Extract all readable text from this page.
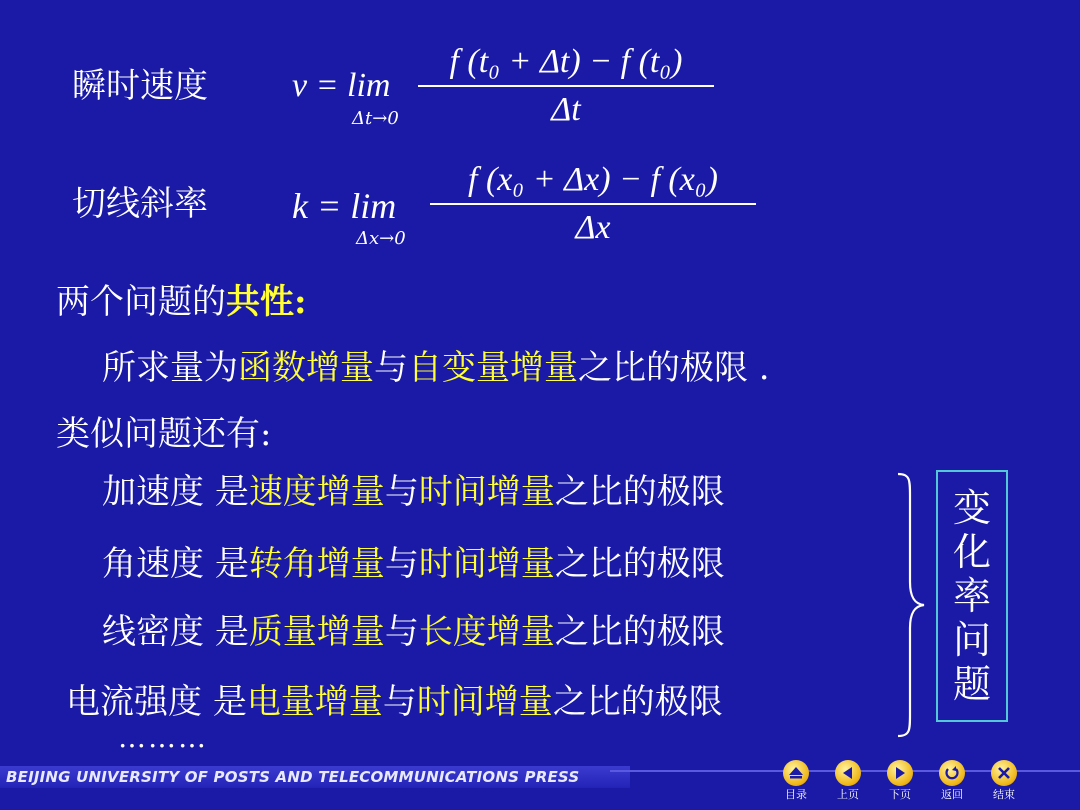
瞬时速度 v = lim
Δt→0
f (t₀ + Δt) − f (t₀)
Δt
切线斜率 k = lim
Δx→0
f (x₀ + Δx) − f (x₀)
Δx
两个问题的共性:
所求量为函数增量与自变量增量之比的极限 .
类似问题还有:
加速度 是速度增量与时间增量之比的极限
角速度 是转角增量与时间增量之比的极限
线密度 是质量增量与长度增量之比的极限
电流强度 是电量增量与时间增量之比的极限
………
变
化
率
问
题
BEIJING UNIVERSITY OF POSTS AND TELECOMMUNICATIONS PRESS
目录	上页	下页	返回	结束
